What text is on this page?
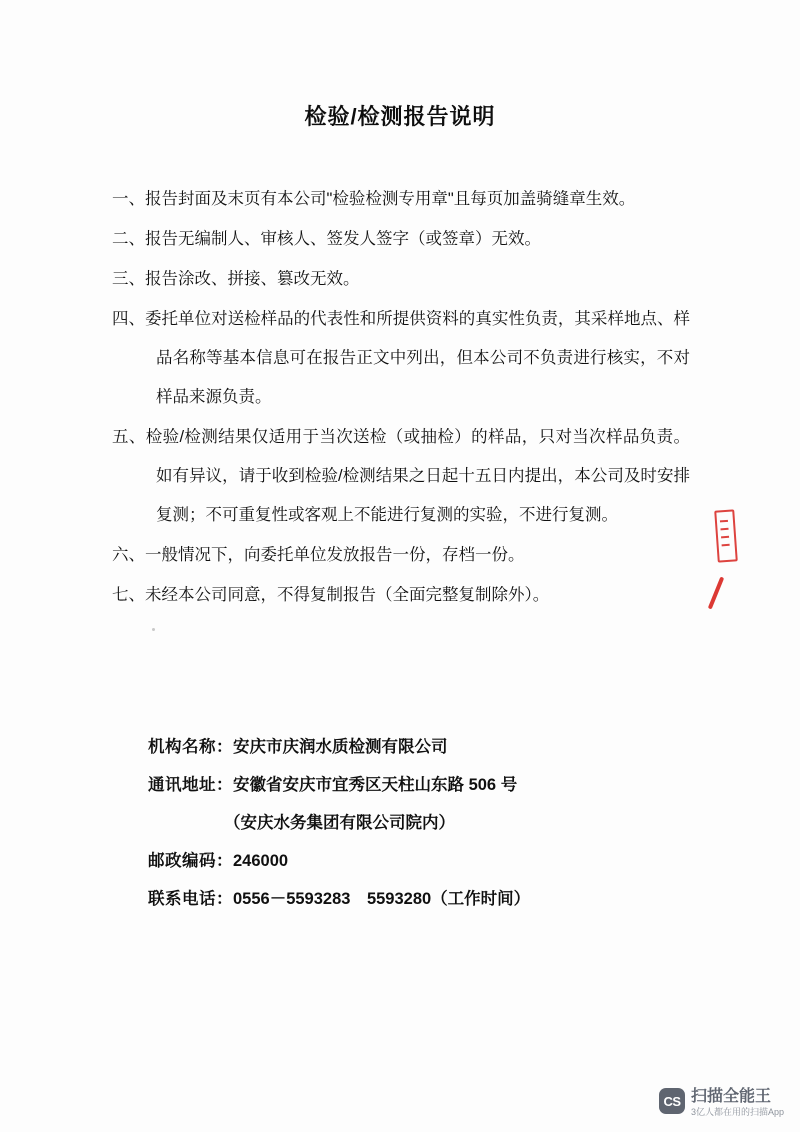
检验/检测报告说明
一、报告封面及末页有本公司"检验检测专用章"且每页加盖骑缝章生效。
二、报告无编制人、审核人、签发人签字（或签章）无效。
三、报告涂改、拼接、篡改无效。
四、委托单位对送检样品的代表性和所提供资料的真实性负责，其采样地点、样品名称等基本信息可在报告正文中列出，但本公司不负责进行核实，不对样品来源负责。
五、检验/检测结果仅适用于当次送检（或抽检）的样品，只对当次样品负责。如有异议，请于收到检验/检测结果之日起十五日内提出，本公司及时安排复测；不可重复性或客观上不能进行复测的实验，不进行复测。
六、一般情况下，向委托单位发放报告一份，存档一份。
七、未经本公司同意，不得复制报告（全面完整复制除外）。
机构名称：安庆市庆润水质检测有限公司
通讯地址：安徽省安庆市宜秀区天柱山东路 506 号
（安庆水务集团有限公司院内）
邮政编码：246000
联系电话：0556－5593283　5593280（工作时间）
CS 扫描全能王
3亿人都在用的扫描App
